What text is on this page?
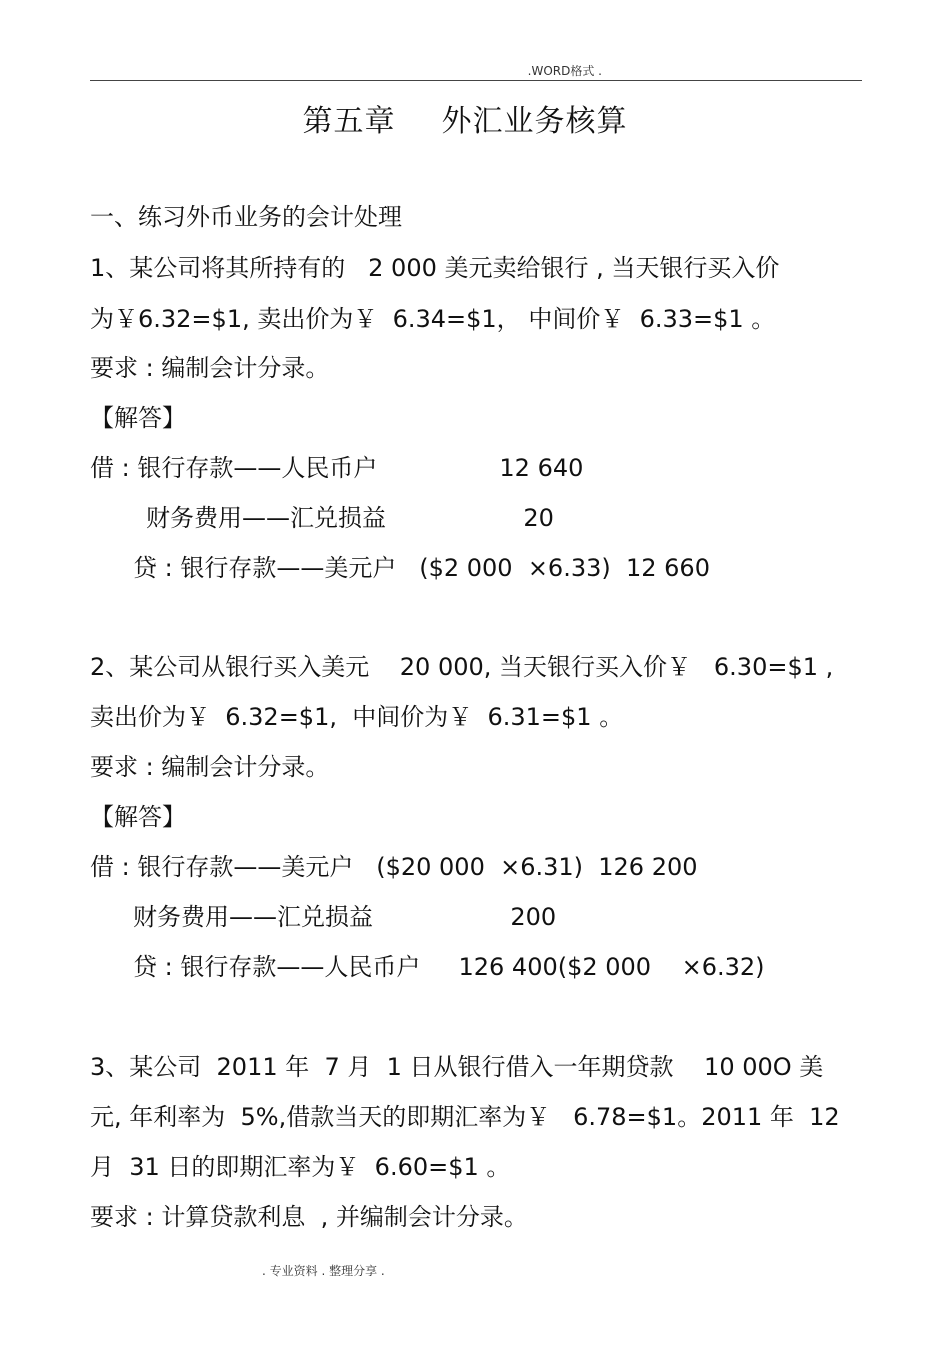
.WORD格式 .
第五章 外汇业务核算
一、练习外币业务的会计处理
1、某公司将其所持有的   2 000 美元卖给银行 , 当天银行买入价
为￥6.32=$1, 卖出价为￥  6.34=$1， 中间价￥  6.33=$1 。
要求 : 编制会计分录。
【解答】
借 : 银行存款——人民币户                12 640
财务费用——汇兑损益                  20
贷 : 银行存款——美元户   ($2 000  ×6.33)  12 660
2、某公司从银行买入美元    20 000, 当天银行买入价￥   6.30=$1 ,
卖出价为￥  6.32=$1,  中间价为￥  6.31=$1 。
要求 : 编制会计分录。
【解答】
借 : 银行存款——美元户   ($20 000  ×6.31)  126 200
财务费用——汇兑损益                  200
贷 : 银行存款——人民币户     126 400($2 000    ×6.32)
3、某公司  2011 年  7 月  1 日从银行借入一年期贷款    10 00O 美
元, 年利率为  5%,借款当天的即期汇率为￥   6.78=$1。2011 年  12
月  31 日的即期汇率为￥  6.60=$1 。
要求 : 计算贷款利息  , 并编制会计分录。
. 专业资料 . 整理分享 .
